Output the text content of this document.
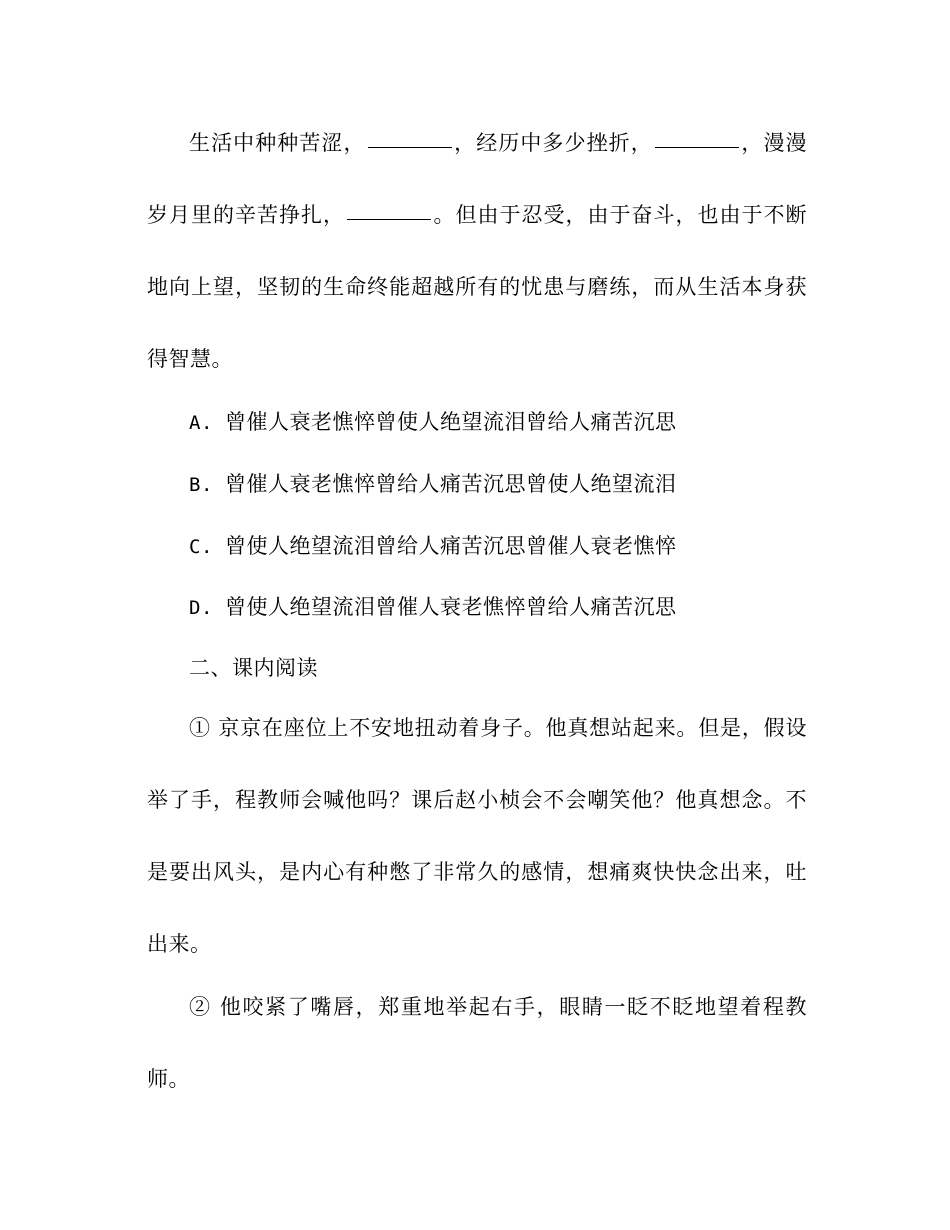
生活中种种苦涩，	，经历中多少挫折，	，漫漫岁月里的辛苦挣扎，	。但由于忍受，由于奋斗，也由于不断地向上望，坚韧的生命终能超越所有的忧患与磨练，而从生活本身获得智慧。

A. 曾催人衰老憔悴曾使人绝望流泪曾给人痛苦沉思

B. 曾催人衰老憔悴曾给人痛苦沉思曾使人绝望流泪

C. 曾使人绝望流泪曾给人痛苦沉思曾催人衰老憔悴

D. 曾使人绝望流泪曾催人衰老憔悴曾给人痛苦沉思

二、课内阅读

① 京京在座位上不安地扭动着身子。他真想站起来。但是，假设举了手，程教师会喊他吗？课后赵小桢会不会嘲笑他？他真想念。不是要出风头，是内心有种憋了非常久的感情，想痛爽快快念出来，吐出来。

② 他咬紧了嘴唇，郑重地举起右手，眼睛一眨不眨地望着程教师。
